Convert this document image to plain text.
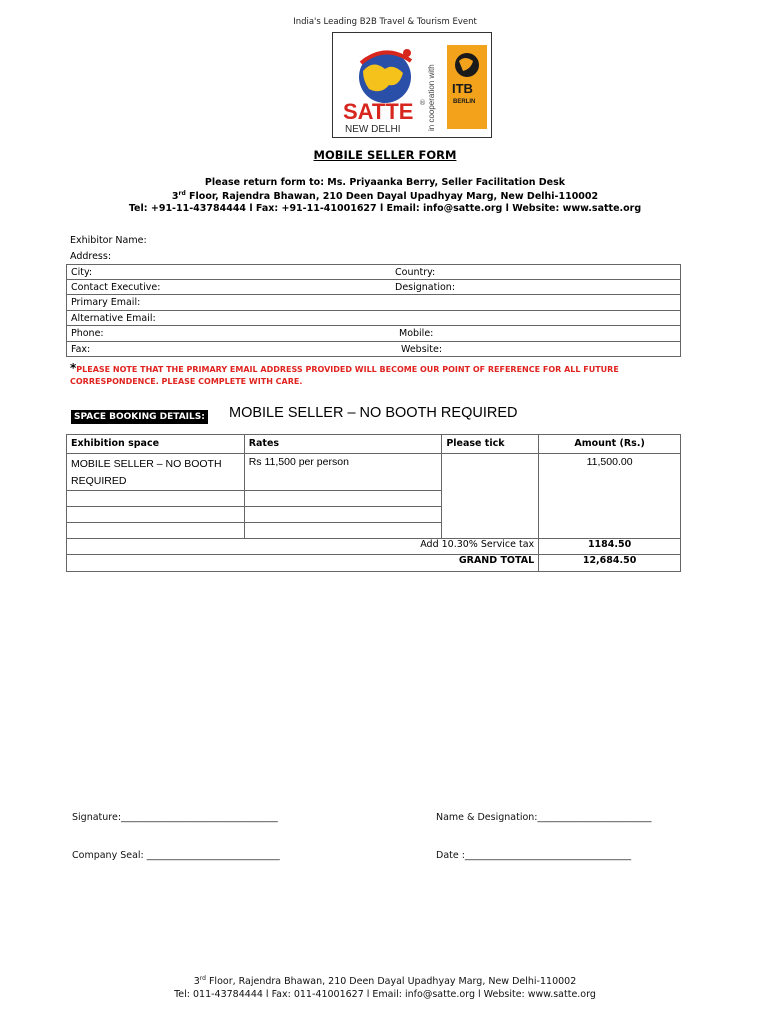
India's Leading B2B Travel & Tourism Event
SATTE ®
NEW DELHI	in cooperation with ITB
BERLIN
MOBILE SELLER FORM
Please return form to: Ms. Priyaanka Berry, Seller Facilitation Desk
3rd Floor, Rajendra Bhawan, 210 Deen Dayal Upadhyay Marg, New Delhi-110002
Tel: +91-11-43784444 l Fax: +91-11-41001627 l Email: info@satte.org l Website: www.satte.org
Exhibitor Name:
Address:
City:	Country:
Contact Executive:	Designation:
Primary Email:
Alternative Email:
Phone:	Mobile:
Fax:	Website:
*PLEASE NOTE THAT THE PRIMARY EMAIL ADDRESS PROVIDED WILL BECOME OUR POINT OF REFERENCE FOR ALL FUTURE CORRESPONDENCE. PLEASE COMPLETE WITH CARE.
SPACE BOOKING DETAILS: MOBILE SELLER – NO BOOTH REQUIRED
Exhibition space	Rates	Please tick	Amount (Rs.)
MOBILE SELLER – NO BOOTH REQUIRED	Rs 11,500 per person		11,500.00

Add 10.30% Service tax			1184.50
GRAND TOTAL			12,684.50
Signature:_________________________________	Name & Designation:________________________
Company Seal: ____________________________	Date :___________________________________
3rd Floor, Rajendra Bhawan, 210 Deen Dayal Upadhyay Marg, New Delhi-110002
Tel: 011-43784444 l Fax: 011-41001627 l Email: info@satte.org l Website: www.satte.org
